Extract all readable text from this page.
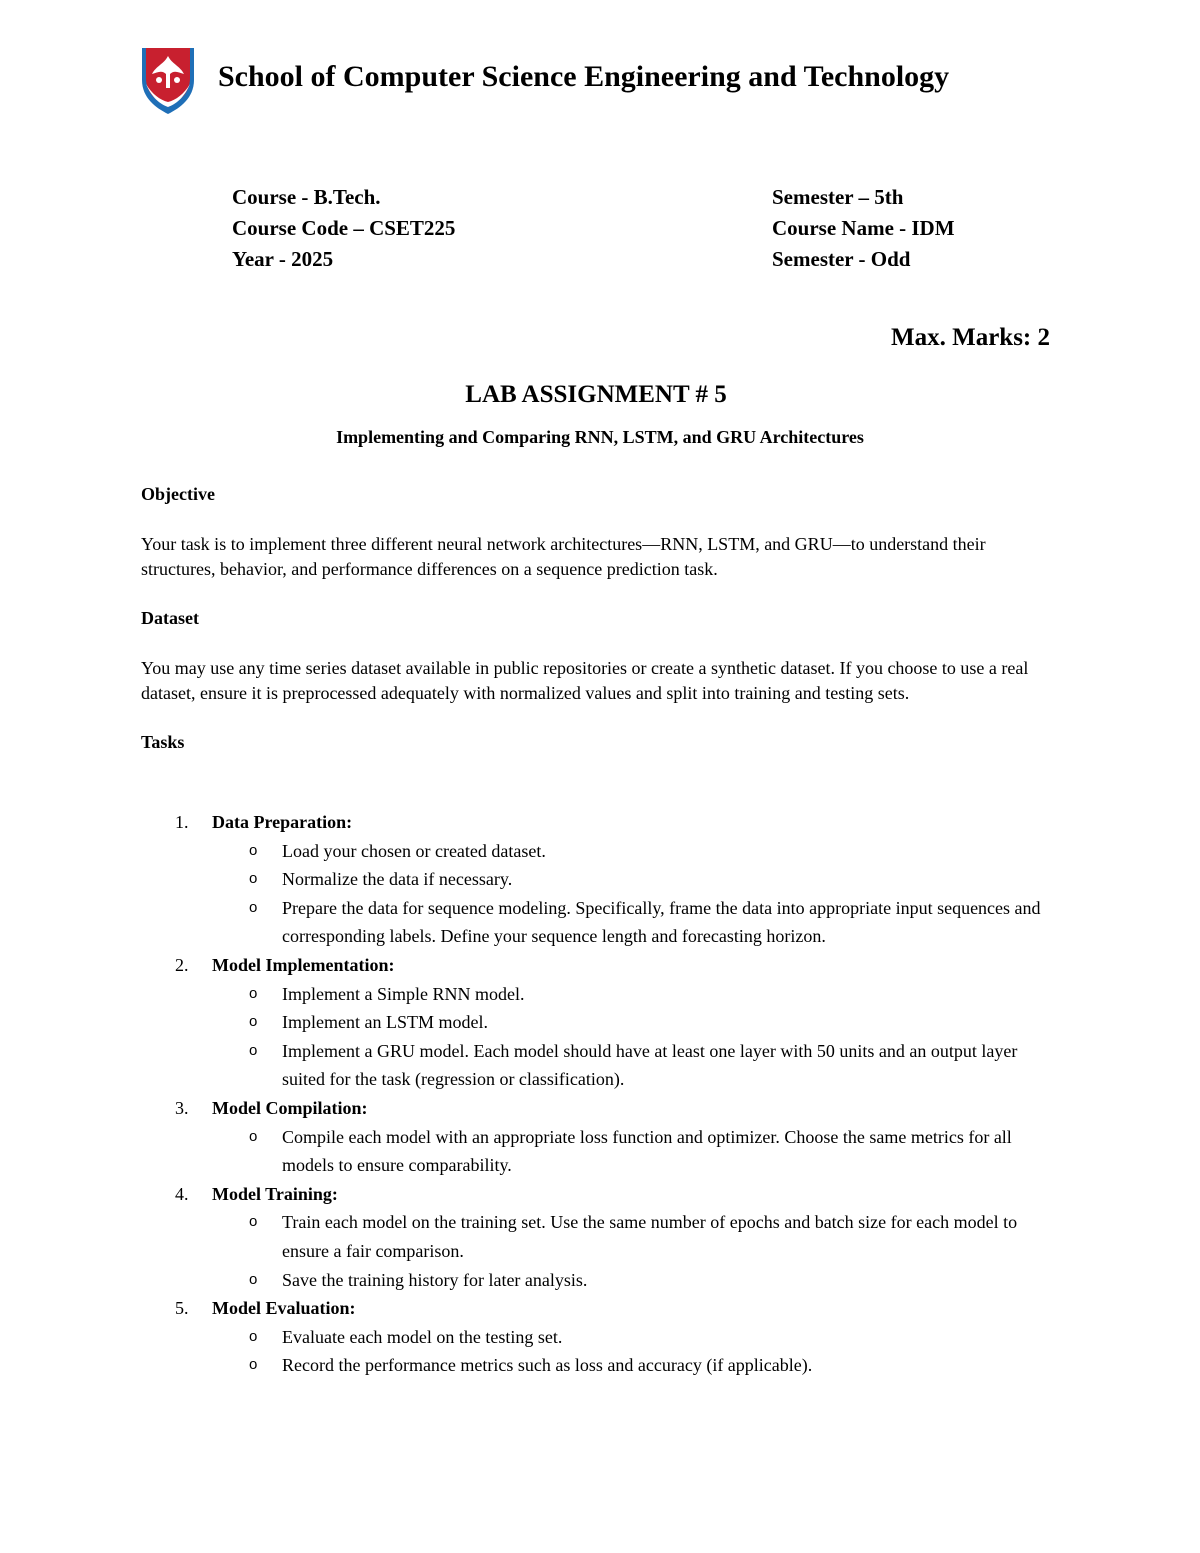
School of Computer Science Engineering and Technology
Course - B.Tech.
Course Code – CSET225
Year - 2025
Semester – 5th
Course Name - IDM
Semester - Odd
Max. Marks: 2
LAB ASSIGNMENT # 5
Implementing and Comparing RNN, LSTM, and GRU Architectures
Objective

Your task is to implement three different neural network architectures—RNN, LSTM, and GRU—to understand their structures, behavior, and performance differences on a sequence prediction task.

Dataset

You may use any time series dataset available in public repositories or create a synthetic dataset. If you choose to use a real dataset, ensure it is preprocessed adequately with normalized values and split into training and testing sets.

Tasks
1. Data Preparation:
o Load your chosen or created dataset.
o Normalize the data if necessary.
o Prepare the data for sequence modeling. Specifically, frame the data into appropriate input sequences and corresponding labels. Define your sequence length and forecasting horizon.
2. Model Implementation:
o Implement a Simple RNN model.
o Implement an LSTM model.
o Implement a GRU model. Each model should have at least one layer with 50 units and an output layer suited for the task (regression or classification).
3. Model Compilation:
o Compile each model with an appropriate loss function and optimizer. Choose the same metrics for all models to ensure comparability.
4. Model Training:
o Train each model on the training set. Use the same number of epochs and batch size for each model to ensure a fair comparison.
o Save the training history for later analysis.
5. Model Evaluation:
o Evaluate each model on the testing set.
o Record the performance metrics such as loss and accuracy (if applicable).
